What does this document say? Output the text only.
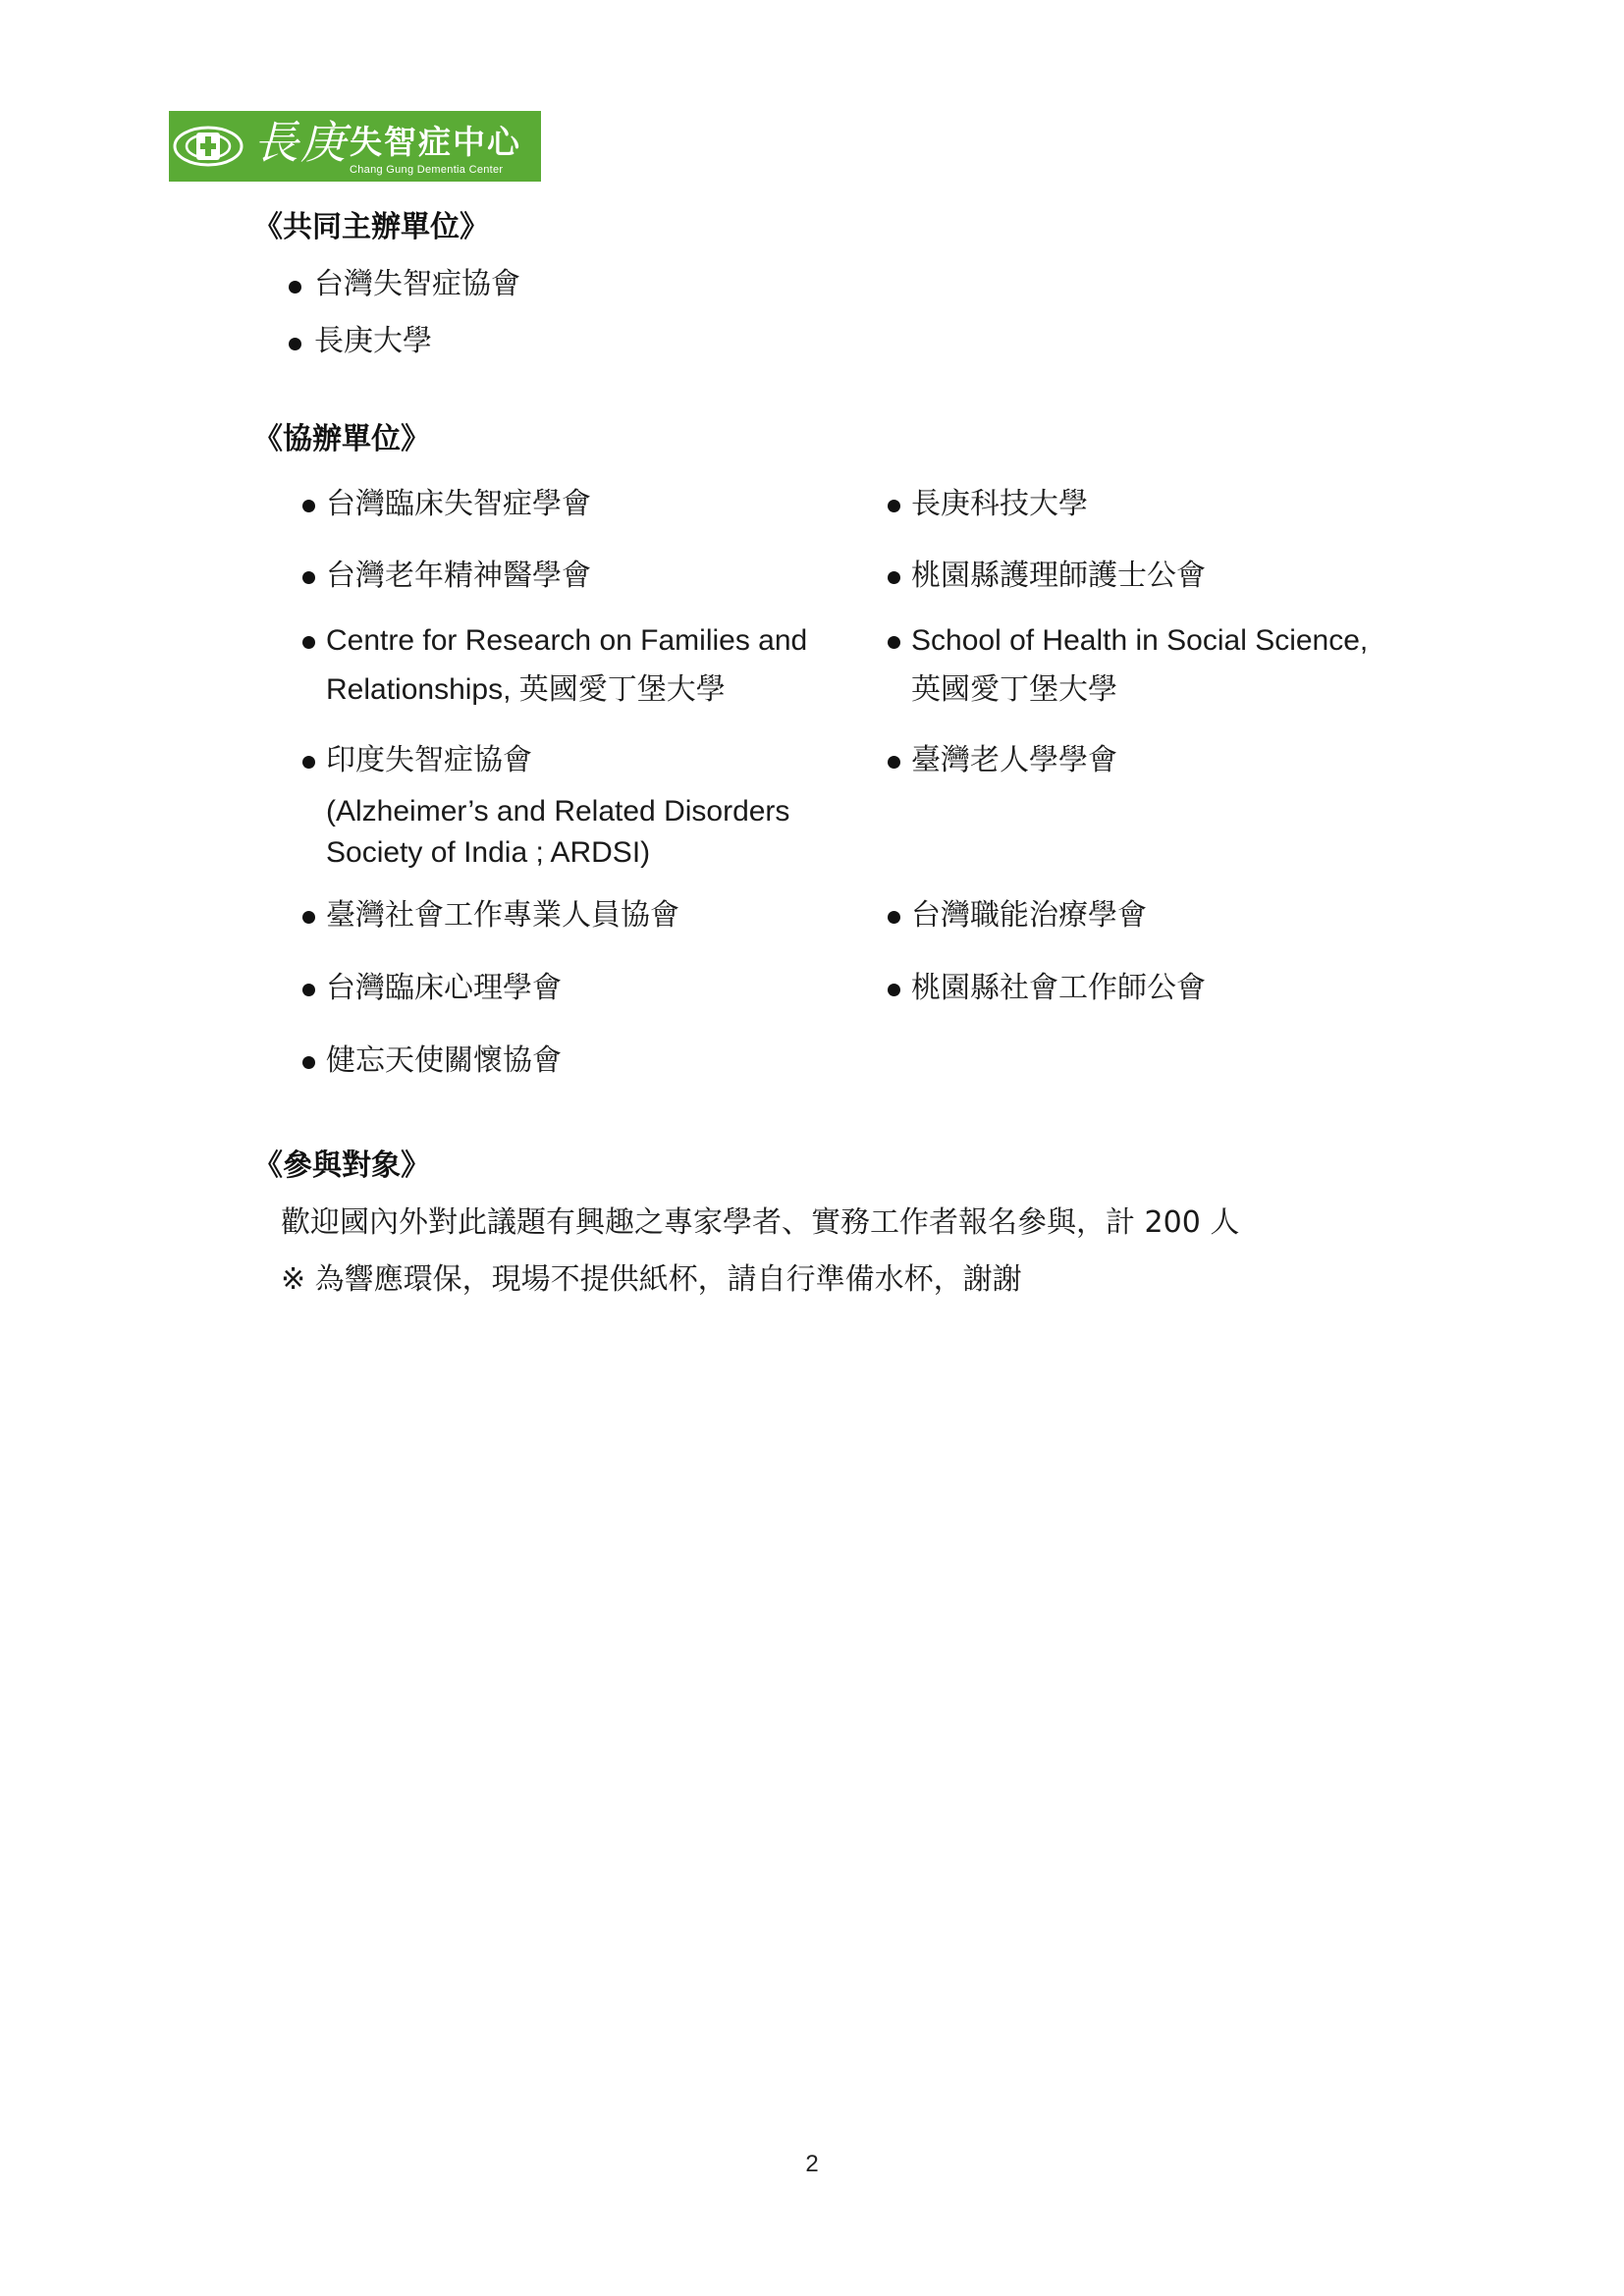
長庚 失智症中心
Chang Gung Dementia Center
《共同主辦單位》
台灣失智症協會
長庚大學
《協辦單位》
台灣臨床失智症學會
台灣老年精神醫學會
Centre for Research on Families and
Relationships, 英國愛丁堡大學
印度失智症協會
(Alzheimer’s and Related Disorders
Society of India ; ARDSI)
臺灣社會工作專業人員協會
台灣臨床心理學會
健忘天使關懷協會
長庚科技大學
桃園縣護理師護士公會
School of Health in Social Science,
英國愛丁堡大學
臺灣老人學學會
台灣職能治療學會
桃園縣社會工作師公會
《參與對象》
歡迎國內外對此議題有興趣之專家學者、實務工作者報名參與，計 200 人
※ 為響應環保，現場不提供紙杯，請自行準備水杯，謝謝
2
